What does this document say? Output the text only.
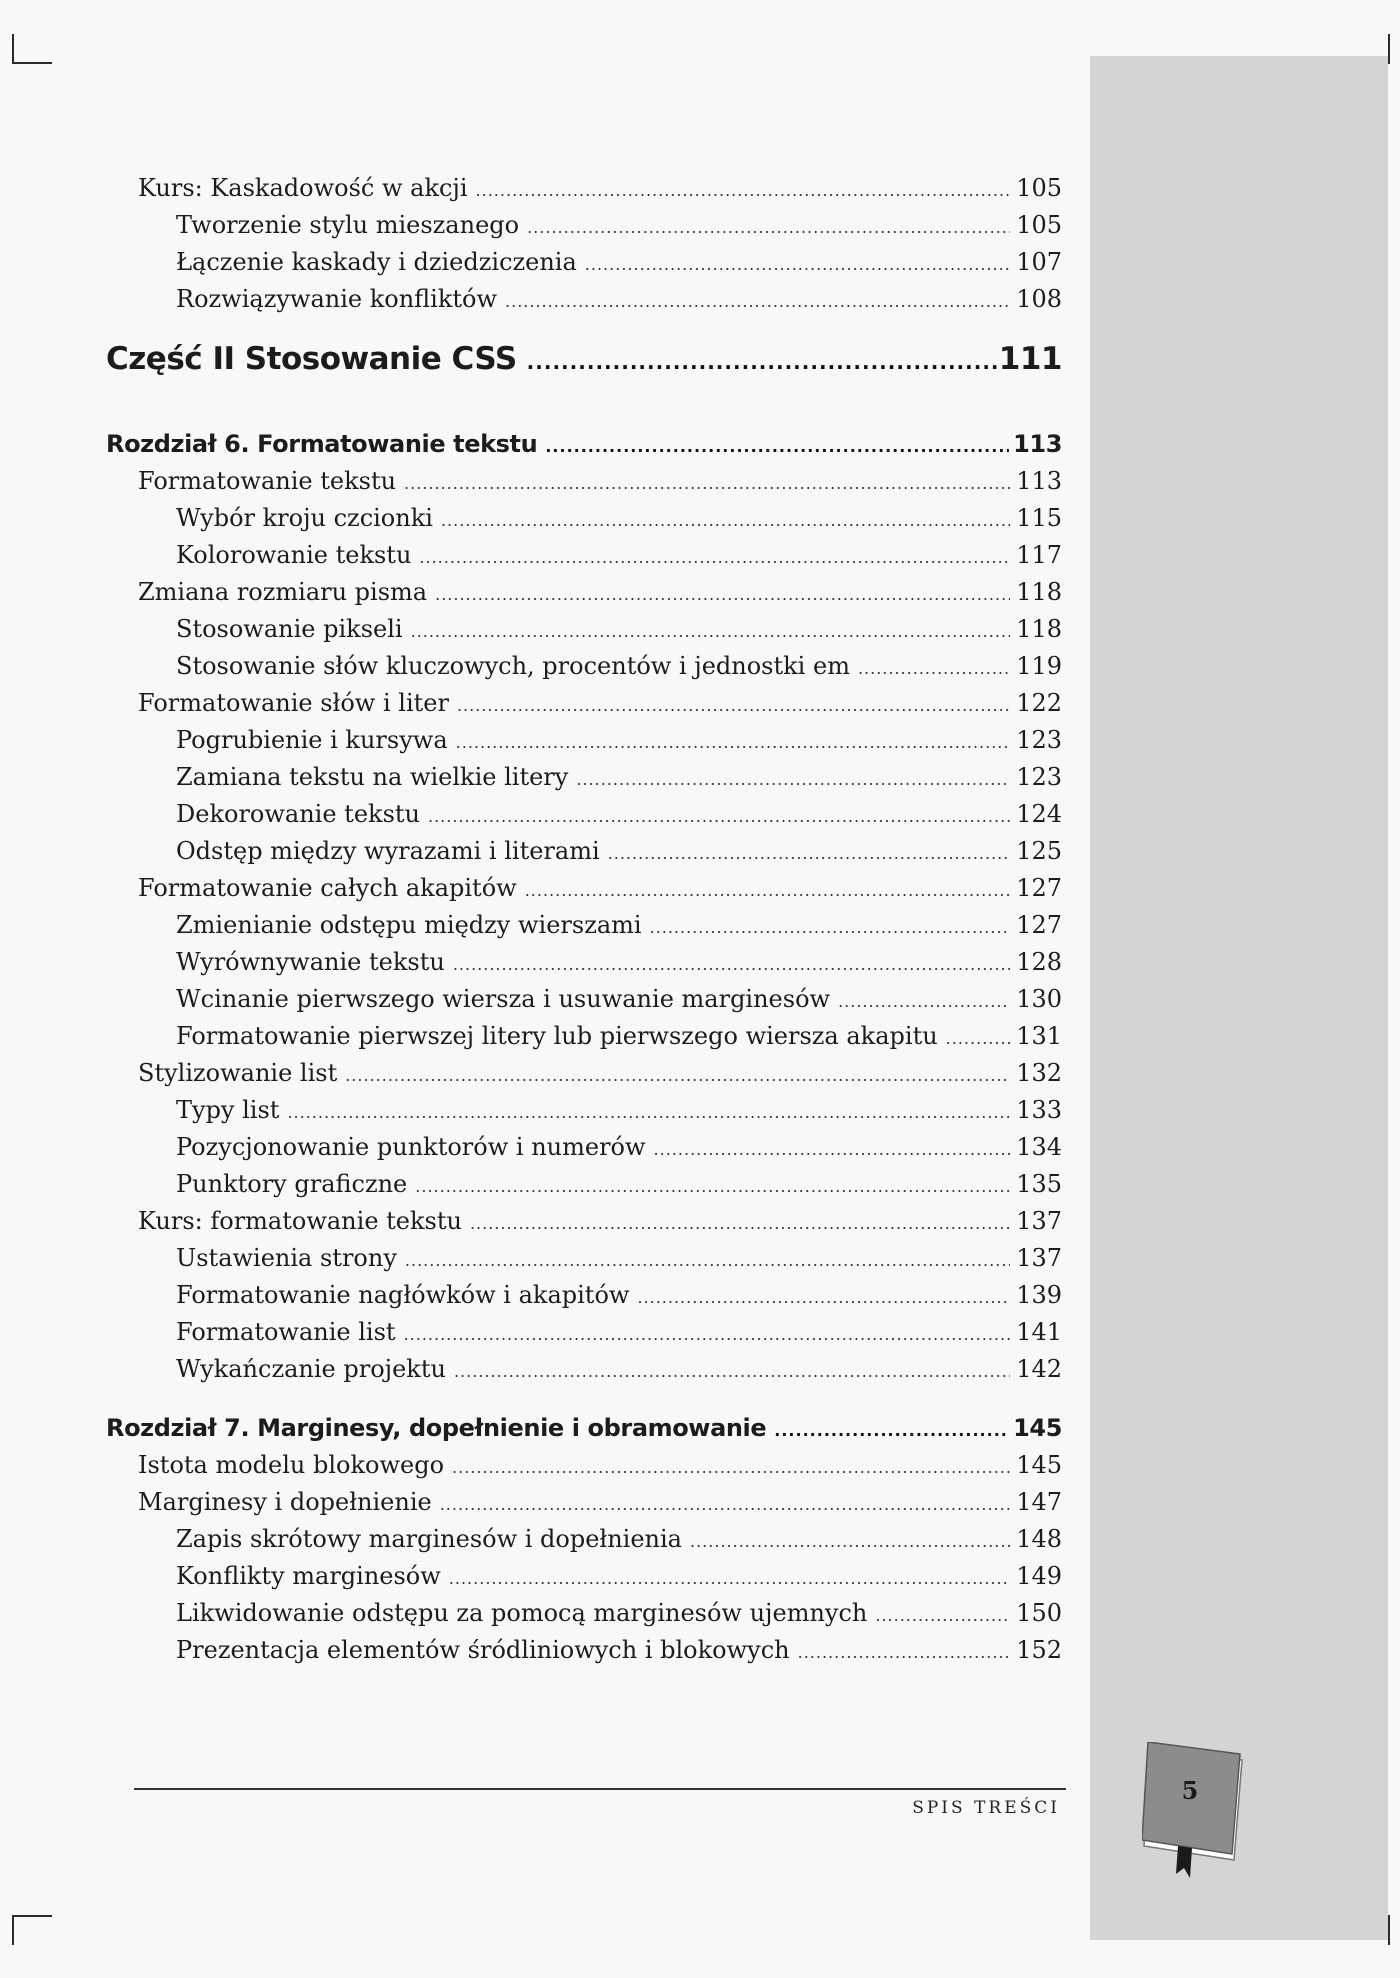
Kurs: Kaskadowość w akcji .....	105
Tworzenie stylu mieszanego .....	105
Łączenie kaskady i dziedziczenia .....	107
Rozwiązywanie konfliktów .....	108
Część II Stosowanie CSS .....	111
Rozdział 6. Formatowanie tekstu .....	113
Formatowanie tekstu .....	113
Wybór kroju czcionki .....	115
Kolorowanie tekstu .....	117
Zmiana rozmiaru pisma .....	118
Stosowanie pikseli .....	118
Stosowanie słów kluczowych, procentów i jednostki em .....	119
Formatowanie słów i liter .....	122
Pogrubienie i kursywa .....	123
Zamiana tekstu na wielkie litery .....	123
Dekorowanie tekstu .....	124
Odstęp między wyrazami i literami .....	125
Formatowanie całych akapitów .....	127
Zmienianie odstępu między wierszami .....	127
Wyrównywanie tekstu .....	128
Wcinanie pierwszego wiersza i usuwanie marginesów .....	130
Formatowanie pierwszej litery lub pierwszego wiersza akapitu .....	131
Stylizowanie list .....	132
Typy list .....	133
Pozycjonowanie punktorów i numerów .....	134
Punktory graficzne .....	135
Kurs: formatowanie tekstu .....	137
Ustawienia strony .....	137
Formatowanie nagłówków i akapitów .....	139
Formatowanie list .....	141
Wykańczanie projektu .....	142
Rozdział 7. Marginesy, dopełnienie i obramowanie .....	145
Istota modelu blokowego .....	145
Marginesy i dopełnienie .....	147
Zapis skrótowy marginesów i dopełnienia .....	148
Konflikty marginesów .....	149
Likwidowanie odstępu za pomocą marginesów ujemnych .....	150
Prezentacja elementów śródliniowych i blokowych .....	152
SPIS TREŚCI
5
